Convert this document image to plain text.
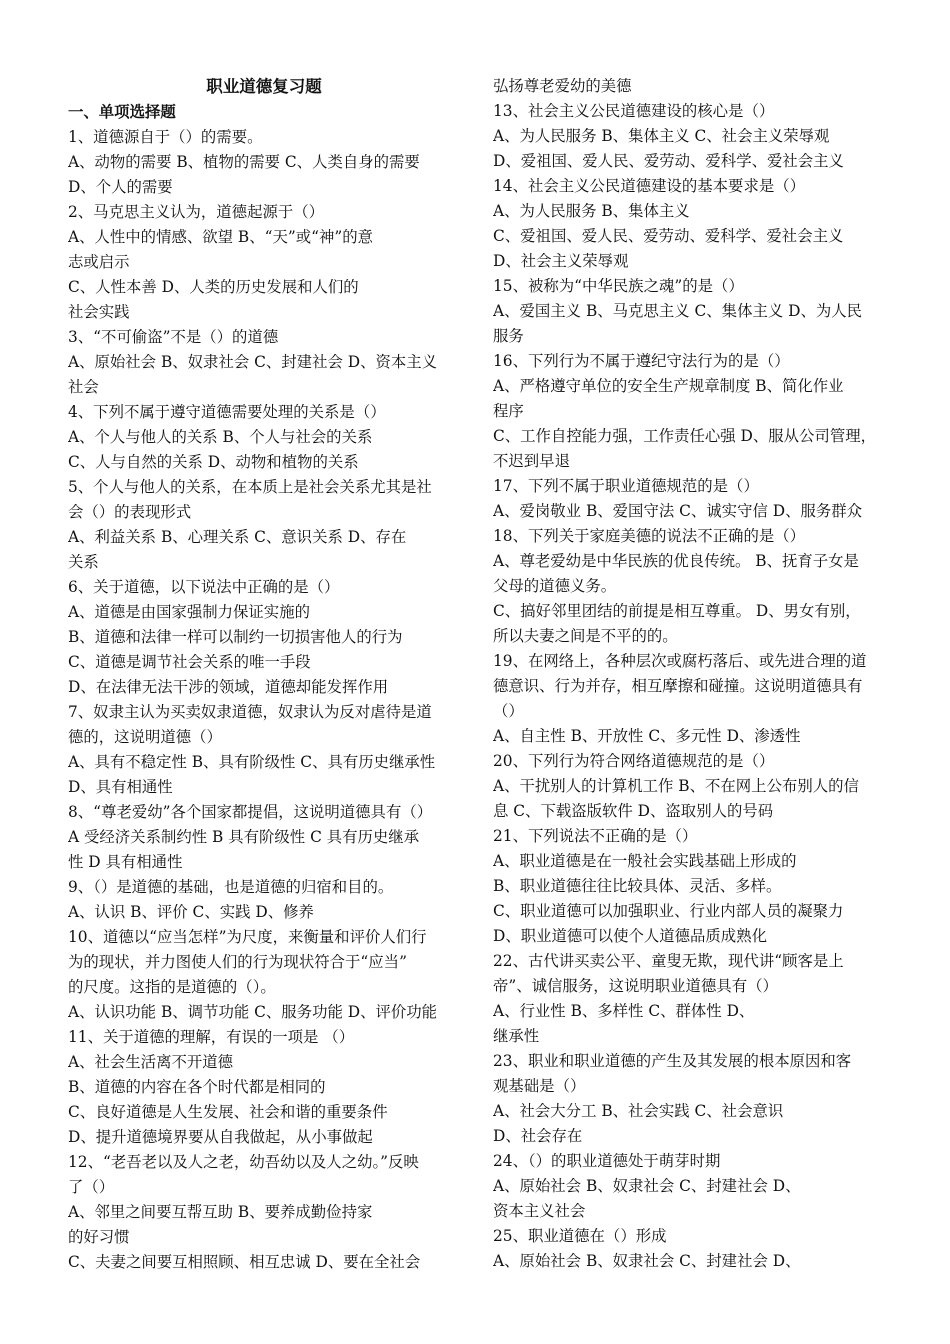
职业道德复习题
一、单项选择题
1、道德源自于（）的需要。
A、动物的需要 B、植物的需要 C、人类自身的需要
D、个人的需要
2、马克思主义认为，道德起源于（）
A、人性中的情感、欲望 B、“天”或“神”的意
志或启示
C、人性本善 D、人类的历史发展和人们的
社会实践
3、“不可偷盗”不是（）的道德
A、原始社会 B、奴隶社会 C、封建社会 D、资本主义
社会
4、下列不属于遵守道德需要处理的关系是（）
A、个人与他人的关系 B、个人与社会的关系
C、人与自然的关系 D、动物和植物的关系
5、个人与他人的关系，在本质上是社会关系尤其是社
会（）的表现形式
A、利益关系 B、心理关系 C、意识关系 D、存在
关系
6、关于道德，以下说法中正确的是（）
A、道德是由国家强制力保证实施的
B、道德和法律一样可以制约一切损害他人的行为
C、道德是调节社会关系的唯一手段
D、在法律无法干涉的领域，道德却能发挥作用
7、奴隶主认为买卖奴隶道德，奴隶认为反对虐待是道
德的，这说明道德（）
A、具有不稳定性 B、具有阶级性 C、具有历史继承性
D、具有相通性
8、“尊老爱幼”各个国家都提倡，这说明道德具有（）
A 受经济关系制约性 B 具有阶级性 C 具有历史继承
性 D 具有相通性
9、（）是道德的基础，也是道德的归宿和目的。
A、认识 B、评价 C、实践 D、修养
10、道德以“应当怎样”为尺度，来衡量和评价人们行
为的现状，并力图使人们的行为现状符合于“应当”
的尺度。这指的是道德的（）。
A、认识功能 B、调节功能 C、服务功能 D、评价功能
11、关于道德的理解，有误的一项是 （）
A、社会生活离不开道德
B、道德的内容在各个时代都是相同的
C、良好道德是人生发展、社会和谐的重要条件
D、提升道德境界要从自我做起，从小事做起
12、“老吾老以及人之老，幼吾幼以及人之幼。”反映
了（）
A、邻里之间要互帮互助 B、要养成勤俭持家
的好习惯
C、夫妻之间要互相照顾、相互忠诚 D、要在全社会
弘扬尊老爱幼的美德
13、社会主义公民道德建设的核心是（）
A、为人民服务 B、集体主义 C、社会主义荣辱观
D、爱祖国、爱人民、爱劳动、爱科学、爱社会主义
14、社会主义公民道德建设的基本要求是（）
A、为人民服务 B、集体主义
C、爱祖国、爱人民、爱劳动、爱科学、爱社会主义
D、社会主义荣辱观
15、被称为“中华民族之魂”的是（）
A、爱国主义 B、马克思主义 C、集体主义 D、为人民
服务
16、下列行为不属于遵纪守法行为的是（）
A、严格遵守单位的安全生产规章制度 B、简化作业
程序
C、工作自控能力强，工作责任心强 D、服从公司管理，
不迟到早退
17、下列不属于职业道德规范的是（）
A、爱岗敬业 B、爱国守法 C、诚实守信 D、服务群众
18、下列关于家庭美德的说法不正确的是（）
A、尊老爱幼是中华民族的优良传统。 B、抚育子女是
父母的道德义务。
C、搞好邻里团结的前提是相互尊重。 D、男女有别，
所以夫妻之间是不平的的。
19、在网络上，各种层次或腐朽落后、或先进合理的道
德意识、行为并存，相互摩擦和碰撞。这说明道德具有
（）
A、自主性 B、开放性 C、多元性 D、渗透性
20、下列行为符合网络道德规范的是（）
A、干扰别人的计算机工作 B、不在网上公布别人的信
息 C、下载盗版软件 D、盗取别人的号码
21、下列说法不正确的是（）
A、职业道德是在一般社会实践基础上形成的
B、职业道德往往比较具体、灵活、多样。
C、职业道德可以加强职业、行业内部人员的凝聚力
D、职业道德可以使个人道德品质成熟化
22、古代讲买卖公平、童叟无欺，现代讲“顾客是上
帝”、诚信服务，这说明职业道德具有（）
A、行业性 B、多样性 C、群体性 D、
继承性
23、职业和职业道德的产生及其发展的根本原因和客
观基础是（）
A、社会大分工 B、社会实践 C、社会意识
D、社会存在
24、（）的职业道德处于萌芽时期
A、原始社会 B、奴隶社会 C、封建社会 D、
资本主义社会
25、职业道德在（）形成
A、原始社会 B、奴隶社会 C、封建社会 D、
